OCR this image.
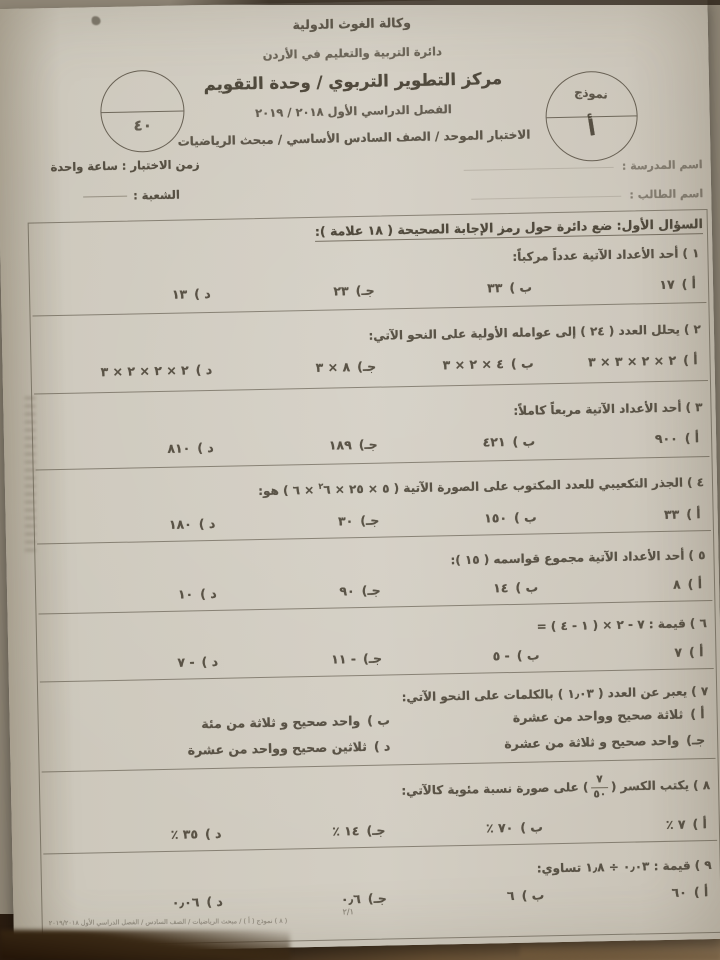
وكالة الغوث الدولية
دائرة التربية والتعليم في الأردن
مركز التطوير التربوي / وحدة التقويم
الفصل الدراسي الأول ٢٠١٨ / ٢٠١٩
الاختبار الموحد / الصف السادس الأساسي / مبحث الرياضيات
٤٠
نموذج
أ
زمن الاختبار : ساعة واحدة
الشعبة :
اسم المدرسة :
اسم الطالب :
السؤال الأول: ضع دائرة حول رمز الإجابة الصحيحة ( ١٨ علامة ):
١ )أحد الأعداد الآتية عدداً مركباً:
أ )١٧
ب )٣٣
جـ)٢٣
د )١٣
٢ )يحلل العدد ( ٢٤ ) إلى عوامله الأولية على النحو الآتي:
أ )٢ × ٢ × ٣ × ٣
ب )٤ × ٢ × ٣
جـ)٨ × ٣
د )٢ × ٢ × ٢ × ٣
٣ )أحد الأعداد الآتية مربعاً كاملاً:
أ )٩٠٠
ب )٤٢١
جـ)١٨٩
د )٨١٠
٤ )الجذر التكعيبي للعدد المكتوب على الصورة الآتية ( ٥ × ٢٥ × $^٢$٦ × ٦ ) هو:
أ )٣٣
ب )١٥٠
جـ)٣٠
د )١٨٠
٥ )أحد الأعداد الآتية مجموع قواسمه ( ١٥ ):
أ )٨
ب )١٤
جـ)٩٠
د )١٠
٦ )قيمة : = ٧ - ٢ × ( ١ - ٤ )
أ )٧
ب )- ٥
جـ)- ١١
د )- ٧
٧ )يعبر عن العدد ( ١٫٠٣ ) بالكلمات على النحو الآتي:
أ )ثلاثة صحيح وواحد من عشرة
ب )واحد صحيح و ثلاثة من مئة
جـ)واحد صحيح و ثلاثة من عشرة
د )ثلاثين صحيح وواحد من عشرة
٨ )يكتب الكسر (
$\frac{٧}{٥٠}$
) على صورة نسبة مئوية كالآتي:
أ )٧ ٪
ب )٧٠ ٪
جـ)١٤ ٪
د )٣٥ ٪
٩ )قيمة : ٠٫٠٣ ÷ ١٫٨ تساوي:
أ )٦٠
ب )٦
جـ)٠٫٦
د )٠٫٠٦
( ٨ ) نموذج ( أ ) / مبحث الرياضيات / الصف السادس / الفصل الدراسي الأول ٢٠١٩/٢٠١٨
٢/١
